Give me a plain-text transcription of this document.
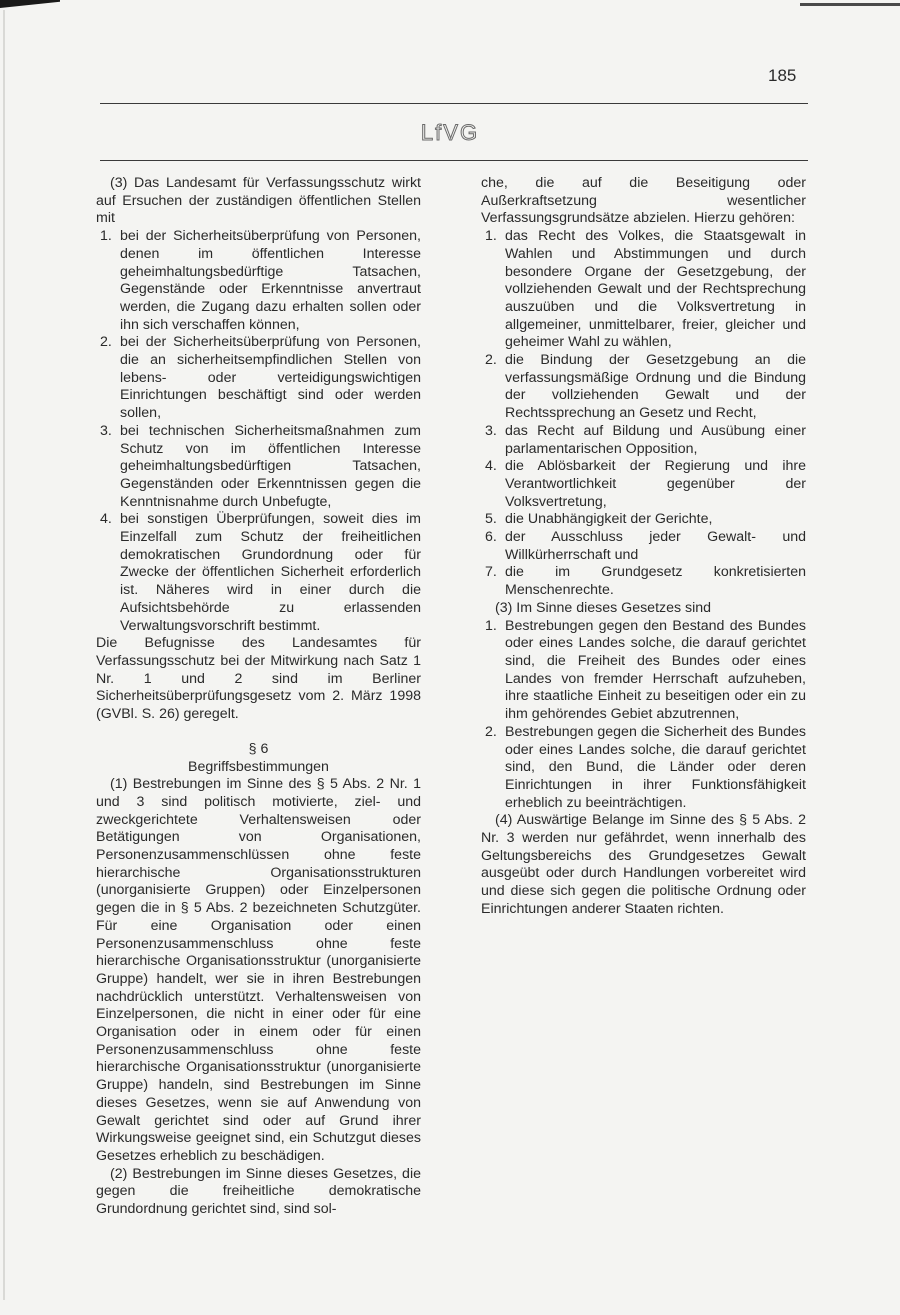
185
LfVG

(3) Das Landesamt für Verfassungsschutz wirkt auf Ersuchen der zuständigen öffentlichen Stellen mit

1. bei der Sicherheitsüberprüfung von Personen, denen im öffentlichen Interesse geheimhaltungsbedürftige Tatsachen, Gegenstände oder Erkenntnisse anvertraut werden, die Zugang dazu erhalten sollen oder ihn sich verschaffen können,
2. bei der Sicherheitsüberprüfung von Personen, die an sicherheitsempfindlichen Stellen von lebens- oder verteidigungswichtigen Einrichtungen beschäftigt sind oder werden sollen,
3. bei technischen Sicherheitsmaßnahmen zum Schutz von im öffentlichen Interesse geheimhaltungsbedürftigen Tatsachen, Gegenständen oder Erkenntnissen gegen die Kenntnisnahme durch Unbefugte,
4. bei sonstigen Überprüfungen, soweit dies im Einzelfall zum Schutz der freiheitlichen demokratischen Grundordnung oder für Zwecke der öffentlichen Sicherheit erforderlich ist. Näheres wird in einer durch die Aufsichtsbehörde zu erlassenden Verwaltungsvorschrift bestimmt.

Die Befugnisse des Landesamtes für Verfassungsschutz bei der Mitwirkung nach Satz 1 Nr. 1 und 2 sind im Berliner Sicherheitsüberprüfungsgesetz vom 2. März 1998 (GVBl. S. 26) geregelt.

§ 6
Begriffsbestimmungen

(1) Bestrebungen im Sinne des § 5 Abs. 2 Nr. 1 und 3 sind politisch motivierte, ziel- und zweckgerichtete Verhaltensweisen oder Betätigungen von Organisationen, Personenzusammenschlüssen ohne feste hierarchische Organisationsstrukturen (unorganisierte Gruppen) oder Einzelpersonen gegen die in § 5 Abs. 2 bezeichneten Schutzgüter. Für eine Organisation oder einen Personenzusammenschluss ohne feste hierarchische Organisationsstruktur (unorganisierte Gruppe) handelt, wer sie in ihren Bestrebungen nachdrücklich unterstützt. Verhaltensweisen von Einzelpersonen, die nicht in einer oder für eine Organisation oder in einem oder für einen Personenzusammenschluss ohne feste hierarchische Organisationsstruktur (unorganisierte Gruppe) handeln, sind Bestrebungen im Sinne dieses Gesetzes, wenn sie auf Anwendung von Gewalt gerichtet sind oder auf Grund ihrer Wirkungsweise geeignet sind, ein Schutzgut dieses Gesetzes erheblich zu beschädigen.

(2) Bestrebungen im Sinne dieses Gesetzes, die gegen die freiheitliche demokratische Grundordnung gerichtet sind, sind sol-

che, die auf die Beseitigung oder Außerkraftsetzung wesentlicher Verfassungsgrundsätze abzielen. Hierzu gehören:

1. das Recht des Volkes, die Staatsgewalt in Wahlen und Abstimmungen und durch besondere Organe der Gesetzgebung, der vollziehenden Gewalt und der Rechtsprechung auszuüben und die Volksvertretung in allgemeiner, unmittelbarer, freier, gleicher und geheimer Wahl zu wählen,
2. die Bindung der Gesetzgebung an die verfassungsmäßige Ordnung und die Bindung der vollziehenden Gewalt und der Rechtssprechung an Gesetz und Recht,
3. das Recht auf Bildung und Ausübung einer parlamentarischen Opposition,
4. die Ablösbarkeit der Regierung und ihre Verantwortlichkeit gegenüber der Volksvertretung,
5. die Unabhängigkeit der Gerichte,
6. der Ausschluss jeder Gewalt- und Willkürherrschaft und
7. die im Grundgesetz konkretisierten Menschenrechte.

(3) Im Sinne dieses Gesetzes sind

1. Bestrebungen gegen den Bestand des Bundes oder eines Landes solche, die darauf gerichtet sind, die Freiheit des Bundes oder eines Landes von fremder Herrschaft aufzuheben, ihre staatliche Einheit zu beseitigen oder ein zu ihm gehörendes Gebiet abzutrennen,
2. Bestrebungen gegen die Sicherheit des Bundes oder eines Landes solche, die darauf gerichtet sind, den Bund, die Länder oder deren Einrichtungen in ihrer Funktionsfähigkeit erheblich zu beeinträchtigen.

(4) Auswärtige Belange im Sinne des § 5 Abs. 2 Nr. 3 werden nur gefährdet, wenn innerhalb des Geltungsbereichs des Grundgesetzes Gewalt ausgeübt oder durch Handlungen vorbereitet wird und diese sich gegen die politische Ordnung oder Einrichtungen anderer Staaten richten.
